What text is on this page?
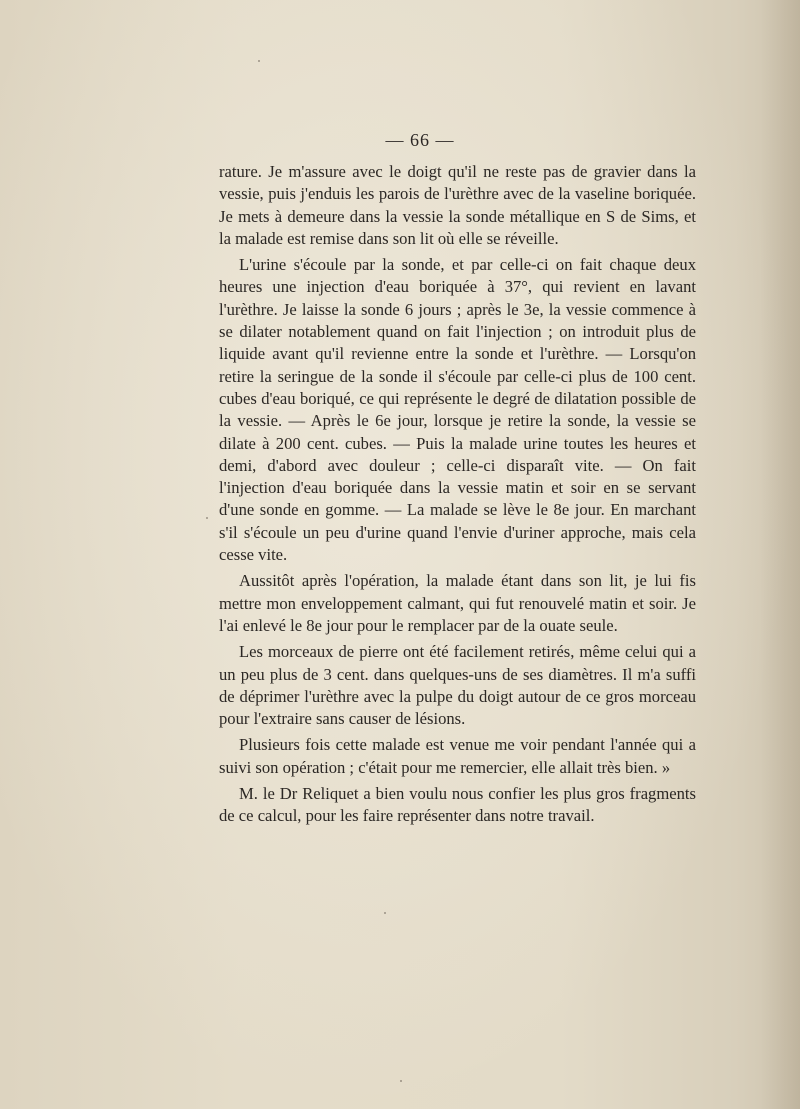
— 66 —

rature. Je m'assure avec le doigt qu'il ne reste pas de gravier dans la vessie, puis j'enduis les parois de l'urèthre avec de la vaseline boriquée. Je mets à demeure dans la vessie la sonde métallique en S de Sims, et la malade est remise dans son lit où elle se réveille.

L'urine s'écoule par la sonde, et par celle-ci on fait chaque deux heures une injection d'eau boriquée à 37°, qui revient en lavant l'urèthre. Je laisse la sonde 6 jours ; après le 3e, la vessie commence à se dilater notablement quand on fait l'injection ; on introduit plus de liquide avant qu'il revienne entre la sonde et l'urèthre. — Lorsqu'on retire la seringue de la sonde il s'écoule par celle-ci plus de 100 cent. cubes d'eau boriqué, ce qui représente le degré de dilatation possible de la vessie. — Après le 6e jour, lorsque je retire la sonde, la vessie se dilate à 200 cent. cubes. — Puis la malade urine toutes les heures et demi, d'abord avec douleur ; celle-ci disparaît vite. — On fait l'injection d'eau boriquée dans la vessie matin et soir en se servant d'une sonde en gomme. — La malade se lève le 8e jour. En marchant s'il s'écoule un peu d'urine quand l'envie d'uriner approche, mais cela cesse vite.

Aussitôt après l'opération, la malade étant dans son lit, je lui fis mettre mon enveloppement calmant, qui fut renouvelé matin et soir. Je l'ai enlevé le 8e jour pour le remplacer par de la ouate seule.

Les morceaux de pierre ont été facilement retirés, même celui qui a un peu plus de 3 cent. dans quelques-uns de ses diamètres. Il m'a suffi de déprimer l'urèthre avec la pulpe du doigt autour de ce gros morceau pour l'extraire sans causer de lésions.

Plusieurs fois cette malade est venue me voir pendant l'année qui a suivi son opération ; c'était pour me remercier, elle allait très bien. »

M. le Dr Reliquet a bien voulu nous confier les plus gros fragments de ce calcul, pour les faire représenter dans notre travail.
